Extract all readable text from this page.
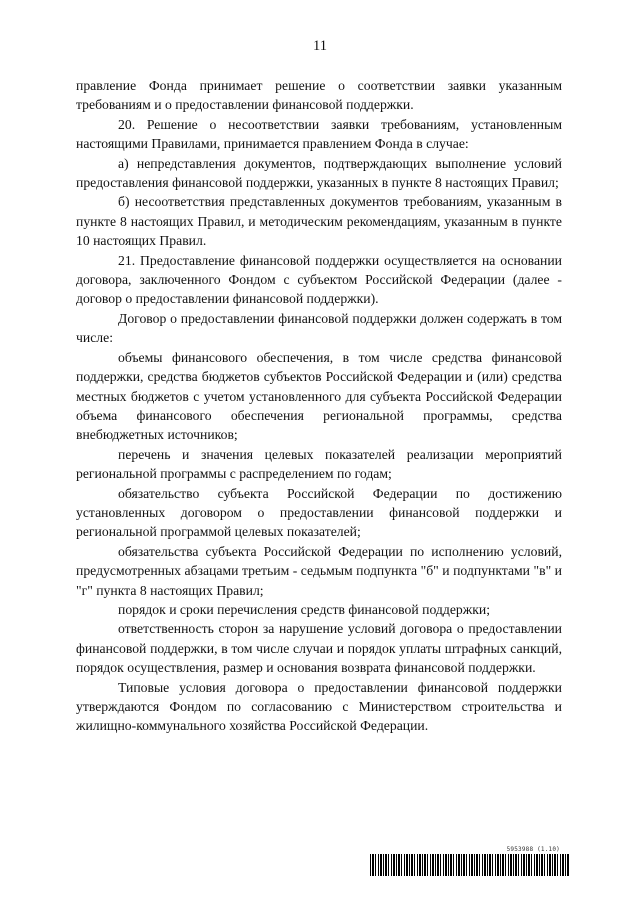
11

правление Фонда принимает решение о соответствии заявки указанным требованиям и о предоставлении финансовой поддержки.

20. Решение о несоответствии заявки требованиям, установленным настоящими Правилами, принимается правлением Фонда в случае:

а) непредставления документов, подтверждающих выполнение условий предоставления финансовой поддержки, указанных в пункте 8 настоящих Правил;

б) несоответствия представленных документов требованиям, указанным в пункте 8 настоящих Правил, и методическим рекомендациям, указанным в пункте 10 настоящих Правил.

21. Предоставление финансовой поддержки осуществляется на основании договора, заключенного Фондом с субъектом Российской Федерации (далее - договор о предоставлении финансовой поддержки).

Договор о предоставлении финансовой поддержки должен содержать в том числе:

объемы финансового обеспечения, в том числе средства финансовой поддержки, средства бюджетов субъектов Российской Федерации и (или) средства местных бюджетов с учетом установленного для субъекта Российской Федерации объема финансового обеспечения региональной программы, средства внебюджетных источников;

перечень и значения целевых показателей реализации мероприятий региональной программы с распределением по годам;

обязательство субъекта Российской Федерации по достижению установленных договором о предоставлении финансовой поддержки и региональной программой целевых показателей;

обязательства субъекта Российской Федерации по исполнению условий, предусмотренных абзацами третьим - седьмым подпункта "б" и подпунктами "в" и "г" пункта 8 настоящих Правил;

порядок и сроки перечисления средств финансовой поддержки;

ответственность сторон за нарушение условий договора о предоставлении финансовой поддержки, в том числе случаи и порядок уплаты штрафных санкций, порядок осуществления, размер и основания возврата финансовой поддержки.

Типовые условия договора о предоставлении финансовой поддержки утверждаются Фондом по согласованию с Министерством строительства и жилищно-коммунального хозяйства Российской Федерации.

5953988 (1.10)
